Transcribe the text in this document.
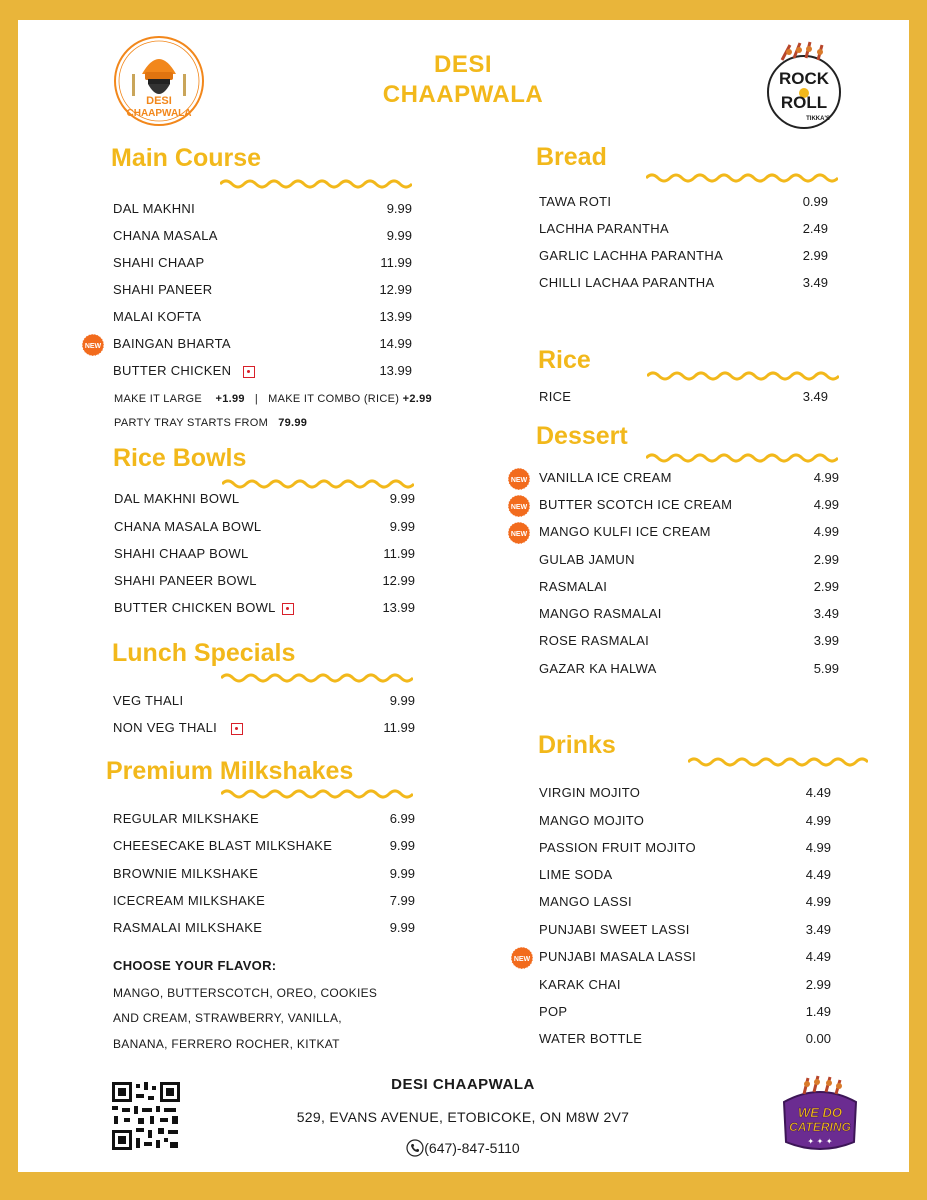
DESI
CHAAPWALA
DESI
CHAAPWALA
ROCK
ROLL
TIKKA'S
Main Course
Rice Bowls
Lunch Specials
Premium Milkshakes
Bread
Rice
Dessert
Drinks
DAL MAKHNI	9.99
CHANA MASALA	9.99
SHAHI CHAAP	11.99
SHAHI PANEER	12.99
MALAI KOFTA	13.99
NEW BAINGAN BHARTA	14.99
BUTTER CHICKEN	13.99
MAKE IT LARGE +1.99 | MAKE IT COMBO (RICE) +2.99
PARTY TRAY STARTS FROM 79.99
DAL MAKHNI BOWL	9.99
CHANA MASALA BOWL	9.99
SHAHI CHAAP BOWL	11.99
SHAHI PANEER BOWL	12.99
BUTTER CHICKEN BOWL	13.99
VEG THALI	9.99
NON VEG THALI	11.99
REGULAR MILKSHAKE	6.99
CHEESECAKE BLAST MILKSHAKE	9.99
BROWNIE MILKSHAKE	9.99
ICECREAM MILKSHAKE	7.99
RASMALAI MILKSHAKE	9.99
CHOOSE YOUR FLAVOR:
MANGO, BUTTERSCOTCH, OREO, COOKIES
AND CREAM, STRAWBERRY, VANILLA,
BANANA, FERRERO ROCHER, KITKAT
TAWA ROTI	0.99
LACHHA PARANTHA	2.49
GARLIC LACHHA PARANTHA	2.99
CHILLI LACHAA PARANTHA	3.49
RICE	3.49
NEW VANILLA ICE CREAM	4.99
NEW BUTTER SCOTCH ICE CREAM	4.99
NEW MANGO KULFI ICE CREAM	4.99
GULAB JAMUN	2.99
RASMALAI	2.99
MANGO RASMALAI	3.49
ROSE RASMALAI	3.99
GAZAR KA HALWA	5.99
VIRGIN MOJITO	4.49
MANGO MOJITO	4.99
PASSION FRUIT MOJITO	4.99
LIME SODA	4.49
MANGO LASSI	4.99
PUNJABI SWEET LASSI	3.49
NEW PUNJABI MASALA LASSI	4.49
KARAK CHAI	2.99
POP	1.49
WATER BOTTLE	0.00
DESI CHAAPWALA
529, EVANS AVENUE, ETOBICOKE, ON M8W 2V7
(647)-847-5110
WE DO
CATERING
✦ ✦ ✦
